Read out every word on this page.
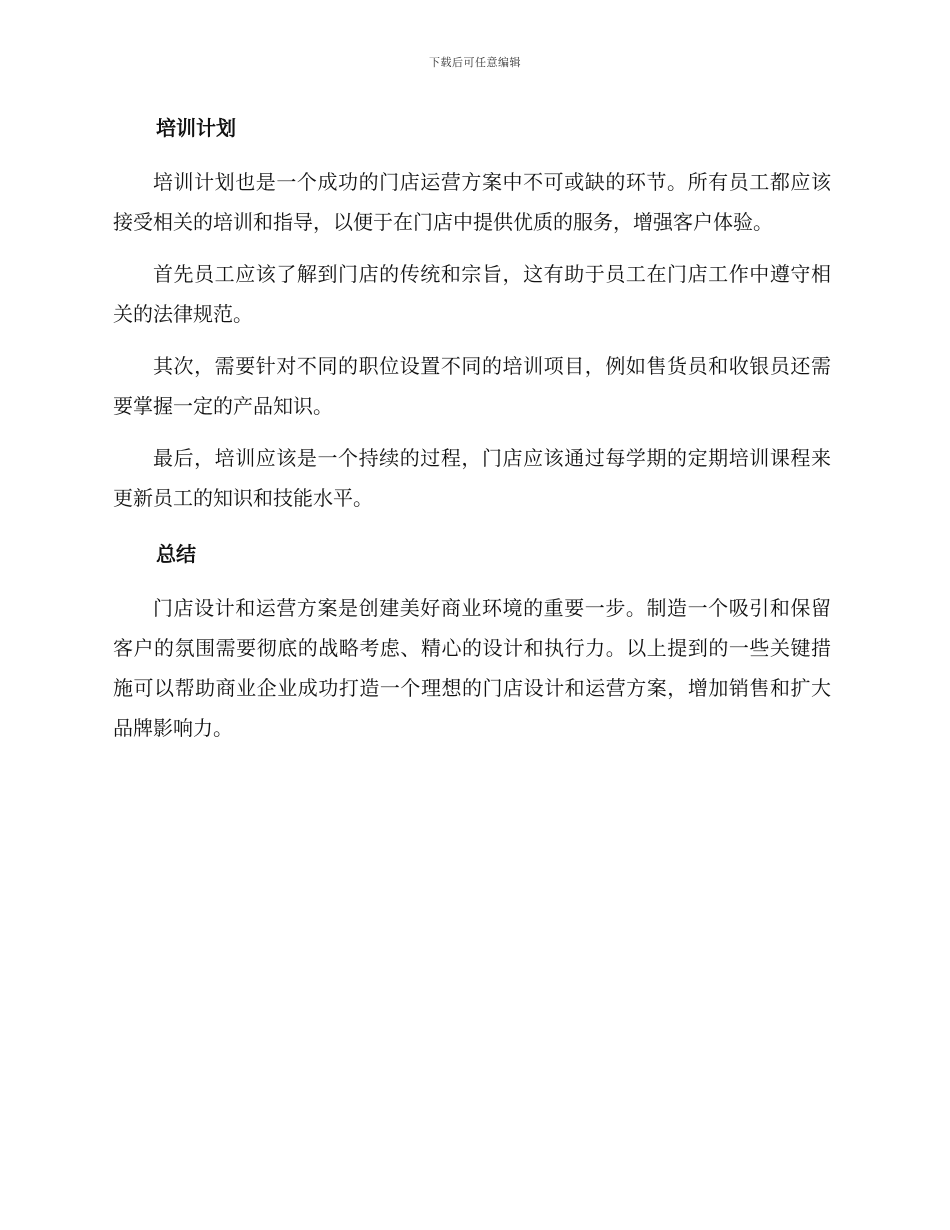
下载后可任意编辑
培训计划

培训计划也是一个成功的门店运营方案中不可或缺的环节。所有员工都应该接受相关的培训和指导，以便于在门店中提供优质的服务，增强客户体验。

首先员工应该了解到门店的传统和宗旨，这有助于员工在门店工作中遵守相关的法律规范。

其次，需要针对不同的职位设置不同的培训项目，例如售货员和收银员还需要掌握一定的产品知识。

最后，培训应该是一个持续的过程，门店应该通过每学期的定期培训课程来更新员工的知识和技能水平。

总结

门店设计和运营方案是创建美好商业环境的重要一步。制造一个吸引和保留客户的氛围需要彻底的战略考虑、精心的设计和执行力。以上提到的一些关键措施可以帮助商业企业成功打造一个理想的门店设计和运营方案，增加销售和扩大品牌影响力。
